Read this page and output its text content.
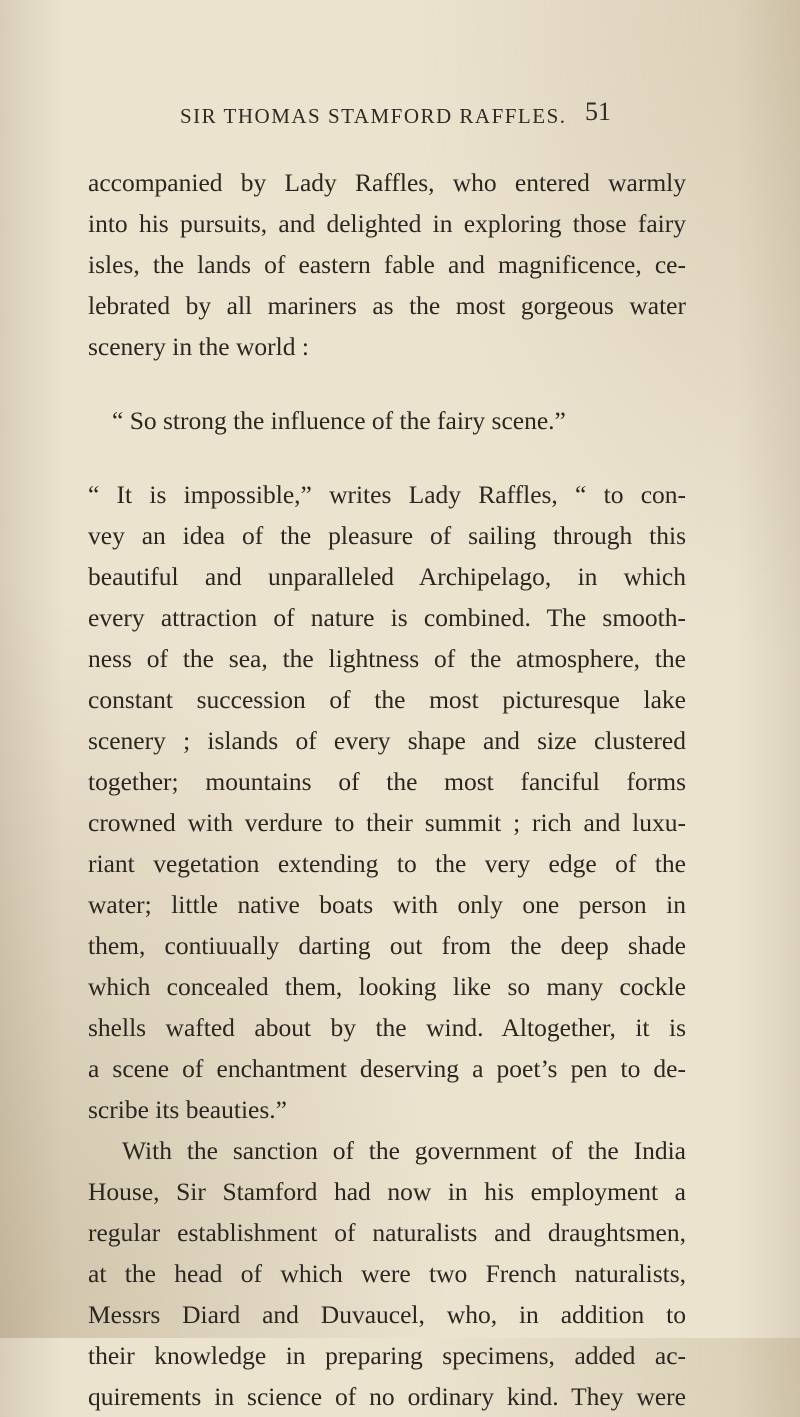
SIR THOMAS STAMFORD RAFFLES. 51
accompanied by Lady Raffles, who entered warmly
into his pursuits, and delighted in exploring those fairy
isles, the lands of eastern fable and magnificence, ce-
lebrated by all mariners as the most gorgeous water
scenery in the world :
“ So strong the influence of the fairy scene.”
“ It is impossible,” writes Lady Raffles, “ to con-
vey an idea of the pleasure of sailing through this
beautiful and unparalleled Archipelago, in which
every attraction of nature is combined. The smooth-
ness of the sea, the lightness of the atmosphere, the
constant succession of the most picturesque lake
scenery ; islands of every shape and size clustered
together; mountains of the most fanciful forms
crowned with verdure to their summit ; rich and luxu-
riant vegetation extending to the very edge of the
water; little native boats with only one person in
them, contiuually darting out from the deep shade
which concealed them, looking like so many cockle
shells wafted about by the wind. Altogether, it is
a scene of enchantment deserving a poet’s pen to de-
scribe its beauties.”
With the sanction of the government of the India
House, Sir Stamford had now in his employment a
regular establishment of naturalists and draughtsmen,
at the head of which were two French naturalists,
Messrs Diard and Duvaucel, who, in addition to
their knowledge in preparing specimens, added ac-
quirements in science of no ordinary kind. They were
